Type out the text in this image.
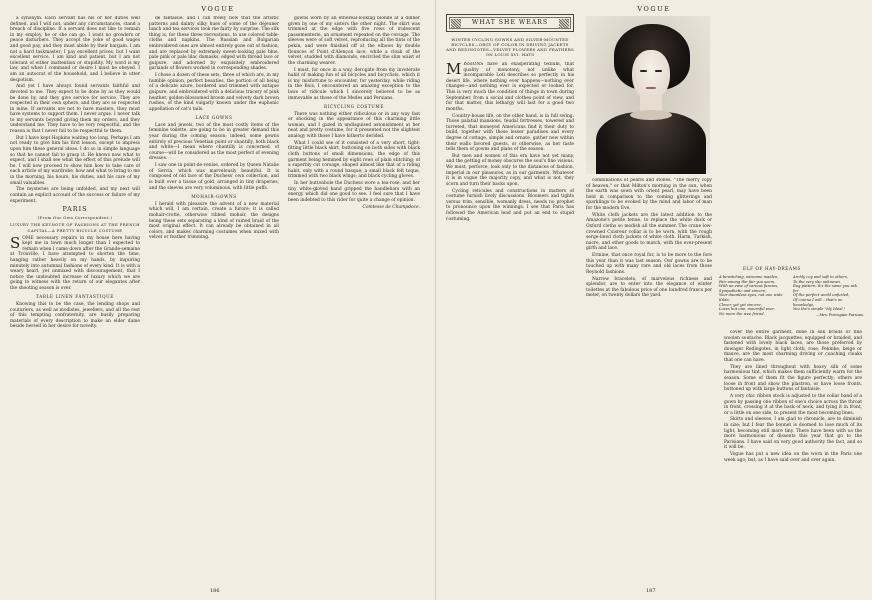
VOGUE

a synonym. Each servant has his or her duties well defined, and I will not, under any circumstances, stand a breach of discipline. If a servant does not like to remain in my employ, he or she can go. I want no growlers or peace disturbers. They accept the yoke of good wages and good pay, and they must abide by their bargain. I am not a hard taskmaster; I pay excellent prices, but I want excellent service. I am kind and patient, but I am not tolerant of either inattention or stupidity. My word is my law, and when I command or desire I must be obeyed. I am an autocrat of the household, and I believe in utter despotism.

And yet I have always found servants faithful and devoted to me. They expect to be done by as they would be done by, and they give service for service. They are respected in their own sphere, and they are so respected in mine. If servants are not to have masters, they must have systems to support them. I never argue. I never talk to my servants beyond giving them my orders, and they understand me. They have to be very respectful, and the reason is that I never fail to be respectful to them.

But I have kept Hopkins waiting too long. Perhaps I am not ready to give him his first lesson, except to impress upon him these general ideas. I do so in simple language so that he cannot fail to grasp it. He knows now what to expect, and I shall see what the effect of this prelude will be. I will now proceed to show him how to take care of each article of my wardrobe, how and what to bring to me in the morning, his hours, his duties, and his care of my small valuables.

The mysteries are being unfolded, and my next will contain an explicit account of the success or failure of my experiment.

PARIS

(From Our Own Correspondent.)

LUXURY THE KEYNOTE OF FASHIONS AT THE FRENCH CAPITAL—A PRETTY BICYCLE COSTUME

SOME necessary repairs in my house here having kept me in town much longer than I expected to remain when I came down after the Grande-semaine at Trouville, I have attempted to shorten the time, hanging rather heavily on my hands, by inquiring minutely into autumnal fashions of every kind. It is with a weary heart, yet unmixed with discouragement, that I notice the undoubted increase of luxury which we are going to witness with the return of our elegantes after the shooting season is over.

TABLE LINEN FANTASTIQUE

Knowing this to be the case, the lending shops and couturiers, as well as modistes, jewellers, and all the rest of this tempting confraternity, are busily preparing materials of every description to make an elder dame beside herself in her desire for novelty.

de fantaisie, and I can freely now that the artistic patterns and dainty silky hues of some of the déjeuner lunch and tea services took me fairly by surprise. The silk thing is, for these three recreations, to use colored table-cloths and napkins. The Russian and Bulgarian embroidered ones are almost entirely gone out of fashion, and are replaced by extremely sweet-looking pale blue, pale pink or pale lilac damasks, edged with thread lace or guipure, and adorned by exquisitely embroidered garlands of flowers worked in corresponding shades.

I chose a dozen of these sets, three of which are, in my humble opinion, perfect beauties, the portion of all being of a delicate azure, bordered and trimmed with antique guipure, and embroidered with a delicious tracery of pink heather, golden-blossomed broom and velvety dark brown rushes, of the kind vulgarly known under the euphonic appellation of cat's tails.

LACE GOWNS

Lace and jewels, two of the most costly items of the feminine toilette, are going to be in greater demand this year during the coming season; indeed, some gowns entirely of precious Venetian point or shantilly, both black and white—I mean where chantilly is concerned, of course—will be considered as the most perfect of evening dresses.

I saw one in point-de-venise, ordered by Queen Natalie of Servia, which was marvelously beautiful. It is composed of old lace of the Duchess' own collection, and is built over a tissue of gold, arranged in tiny draperies, and the sleeves are very voluminous, with little puffs.

MOHAIR-GOWNS

I herald with pleasure the advent of a new material which will, I am certain, create a furore; it is called mohair-crotté, otherwise ribbed mohair, the designs being these sets separating a kind of ruined braid of the most original effect. It can already be obtained in all colors, and makes charming costumes when mixed with velvet or feather trimming.

gowns worn by an ethereal-looking blonde at a dinner given by one of my sisters the other night. The skirt was trimmed at the edge with five rows of iridescent passementerie, an ornament repeated on the corsage. The sleeves were of soft velvet, reproducing all the tints of the pekin, and were finished off at the elbows by double flounces of Point d'Alençon lace, while a cloak of the velvet, studded with diamonds, encircled the slim waist of the charming wearer.

I must, for once in a way, derogate from my inveterate habit of making fun of all bicycles and bicyclists, which it is my misfortune to encounter, for yesterday, while riding in the Bois, I encountered an amazing exception to the laws of ridicule which I sincerely believed to be as immovable as those of the Medes and Persians.

BICYCLING COSTUME

There was nothing either ridiculous or in any way fast or shocking in the appearance of this charming little woman, and I gazed in undisguised astonishment at her neat and pretty costume, for it presented not the slightest analogy with those I have hitherto derided.

What I could see of it consisted of a very short, tight-fitting little black skirt, buttoning on both sides with black cloth buttons of small dimensions, the edge of this garment being hemmed by eight rows of plain stitching; of a superbly cut corsage, shaped almost like that of a riding habit, only with a round basque; a small black felt toque, trimmed with two black wings; and black cycling gloves.

In her buttonhole the Duchess wore a tea-rose, and her tiny white-gloved hand gripped the handlebars with an energy which did one good to see. I feel sure that I have been indebted to this rider for quite a change of opinion.

Comtesse de Champdoce.

186
VOGUE
WHAT SHE WEARS
WINTER CYCLING GOWNS AND SILVER-MOUNTED BICYCLES—ORGY OF COLOR IN DRIVING JACKETS AND REDINGOTES—VELVET FLOWERS AND FEATHERS ON LOUIS XVI. HATS

MISSIONS have an exasperating tedium, that quality of monotony, not unlike what incomparable Loti describes so perfectly in his desert life, where nothing ever happens—nothing ever changes—and nothing ever is expected or looked for. This is very much the condition of things in town during September, from a social and clothes point of view, and for that matter, this lethargy will last for a good two months.

Country-house life, on the other hand, is in full swing. Those palatial mansions, feudal fortresses, towered and turreted, that moneyed Americans find it their duty to build, together with those lesser paradises and every degree of cottage, simple and ornate, gather new within their walls favored guests, or otherwise, as her taste tells them of gowns and plans of the season.

But men and women of this era have not yet many, and the getting of money obscures the soul's fine visions. We must, perforce, look only to the distances of fashion, imperial in our pleasures, as in our garments. Whatever it is in vogue the majority copy, and what is not, they scorn and turn their backs upon.

Cycling reticules and constructions in matters of costume furnish lively discussions. Bloomers and tights versus trim, sensible, womanly dress, needs no prophet to pronounce upon the winnings. I see that Paris has followed the American lead and put an end to stupid costuming.

combinations of pearls and stones. "The merry copy of heaven," or that Milton's morning in the sun, when the earth was sown with orient pearl, may have been held in comparison to the coming glitterings and sparklings to be evoked by the mind and labor of man for the modern Eve.

White cloth jackets are the latest addition to the Amazone's petite tenue, to replace the white duck or Oxford cloths so modish all the summer. The crane low-crowned Cuisreur collar is to be worn, with the rough serge-lined cloth jackets of white cloth. Harm, Turkish, nacre, and other goods to match, with the ever-present girth and lace.

Ermine, that once royal fur, is to be more to the fore this year than it was last season. Our gowns are to be touched up with many rare and old laces from those Reynold fashions.

Narrow bracelets, of marvelous richness and splendor, are to enter into the elegance of winter toilettes at the fabulous price of one hundred francs per meter, on twenty dollars the yard.

ELF OF HAY-DREAMS
A-bewitching, winsome maiden,
Fair among the fair you seem,
With an ease of various fancies,
Sympathetic and sincere;
Your dauntless eyes, not one wide Kilde,
Clever, yet yet sincere,
Loves but one, mournful ever,
No more the wee friend.
Archly coy and soft to others,
To the very she unknown.
Rug pattern, it's the same you ask for
Of the perfect world unfurled,
Of course I will... that's as knowledge,
You the's simple "My Ideal."
—Mrs. Porcupine Parsons.

cover the entire garment, done in silk braids or fine woolen soutache. Black jacquettes, equipped or braided, and fastened with lovely black laces, are those preferred by dowager Redingotes, in light cloth, rose, Pekinke, beige or mauve, are the most charming driving or coaching cloaks that one can have.

They are lined throughout with heavy silk of some harmonious tint, which makes them sufficiently warm for the season. Some of them fit the figure perfectly; others are loose in front and show the plastron, or have loose fronts, buttoned up with large buttons of fantaisie.

A very chic ribbon stock is adjusted to the collar band of a gown by passing one ribbon of one's choice across the throat in front, crossing it at the back of neck, and tying it in front, or a little on one side, to present the most becoming lines.

Skirts and sleeves, I am glad to chronicle, are to diminish in size; but I fear the bonnet is doomed to lose much of its light, becoming still more tiny. There have been with us the more harmonious of dissents this year that go to the Parisians. I have said on very good authority the fact, and so it will be.

Vogue has put a new idea on the worn in the Paris one week ago; but, as I have said over and over again,

187
